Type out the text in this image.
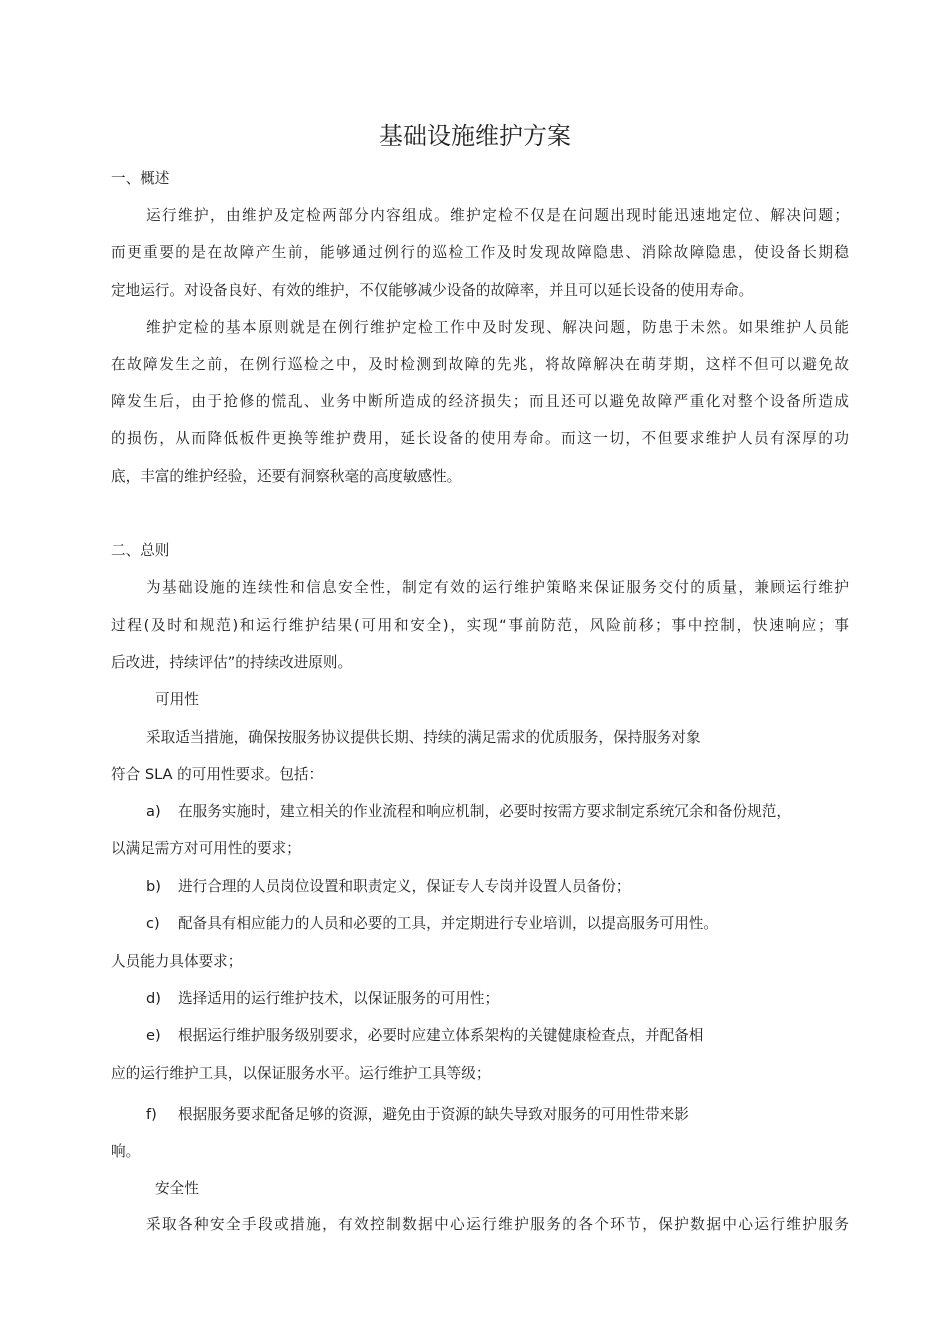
基础设施维护方案
一、概述
运行维护，由维护及定检两部分内容组成。维护定检不仅是在问题出现时能迅速地定位、解决问题；
而更重要的是在故障产生前，能够通过例行的巡检工作及时发现故障隐患、消除故障隐患，使设备长期稳
定地运行。对设备良好、有效的维护，不仅能够减少设备的故障率，并且可以延长设备的使用寿命。
维护定检的基本原则就是在例行维护定检工作中及时发现、解决问题，防患于未然。如果维护人员能
在故障发生之前，在例行巡检之中，及时检测到故障的先兆，将故障解决在萌芽期，这样不但可以避免故
障发生后，由于抢修的慌乱、业务中断所造成的经济损失；而且还可以避免故障严重化对整个设备所造成
的损伤，从而降低板件更换等维护费用，延长设备的使用寿命。而这一切，不但要求维护人员有深厚的功
底，丰富的维护经验，还要有洞察秋毫的高度敏感性。
二、总则
为基础设施的连续性和信息安全性，制定有效的运行维护策略来保证服务交付的质量，兼顾运行维护
过程(及时和规范)和运行维护结果(可用和安全)，实现“事前防范，风险前移；事中控制，快速响应；事
后改进，持续评估”的持续改进原则。
可用性
采取适当措施，确保按服务协议提供长期、持续的满足需求的优质服务，保持服务对象
符合 SLA 的可用性要求。包括：
a) 在服务实施时，建立相关的作业流程和响应机制，必要时按需方要求制定系统冗余和备份规范，
以满足需方对可用性的要求；
b) 进行合理的人员岗位设置和职责定义，保证专人专岗并设置人员备份；
c) 配备具有相应能力的人员和必要的工具，并定期进行专业培训，以提高服务可用性。
人员能力具体要求；
d) 选择适用的运行维护技术，以保证服务的可用性；
e) 根据运行维护服务级别要求，必要时应建立体系架构的关键健康检查点，并配备相
应的运行维护工具，以保证服务水平。运行维护工具等级；
f) 根据服务要求配备足够的资源，避免由于资源的缺失导致对服务的可用性带来影
响。
安全性
采取各种安全手段或措施，有效控制数据中心运行维护服务的各个环节，保护数据中心运行维护服务
